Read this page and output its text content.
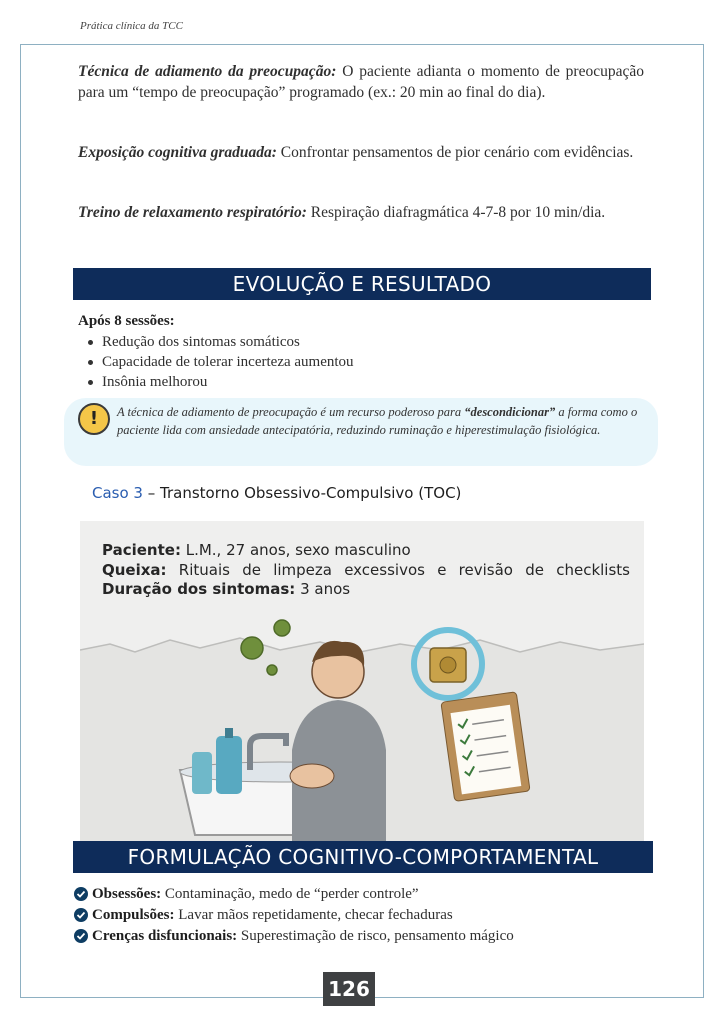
Prática clínica da TCC

Técnica de adiamento da preocupação: O paciente adianta o momento de preocupação para um “tempo de preocupação” programado (ex.: 20 min ao final do dia).

Exposição cognitiva graduada: Confrontar pensamentos de pior cenário com evidências.

Treino de relaxamento respiratório: Respiração diafragmática 4-7-8 por 10 min/dia.

EVOLUÇÃO E RESULTADO
Após 8 sessões:
Redução dos sintomas somáticos
Capacidade de tolerar incerteza aumentou
Insônia melhorou
!	A técnica de adiamento de preocupação é um recurso poderoso para “descondicionar” a forma como o paciente lida com ansiedade antecipatória, reduzindo ruminação e hiperestimulação fisiológica.

Caso 3 – Transtorno Obsessivo-Compulsivo (TOC)
Paciente: L.M., 27 anos, sexo masculino
Queixa: Rituais de limpeza excessivos e revisão de checklists
Duração dos sintomas: 3 anos
FORMULAÇÃO COGNITIVO-COMPORTAMENTAL
Obsessões: Contaminação, medo de “perder controle”
Compulsões: Lavar mãos repetidamente, checar fechaduras
Crenças disfuncionais: Superestimação de risco, pensamento mágico
126
